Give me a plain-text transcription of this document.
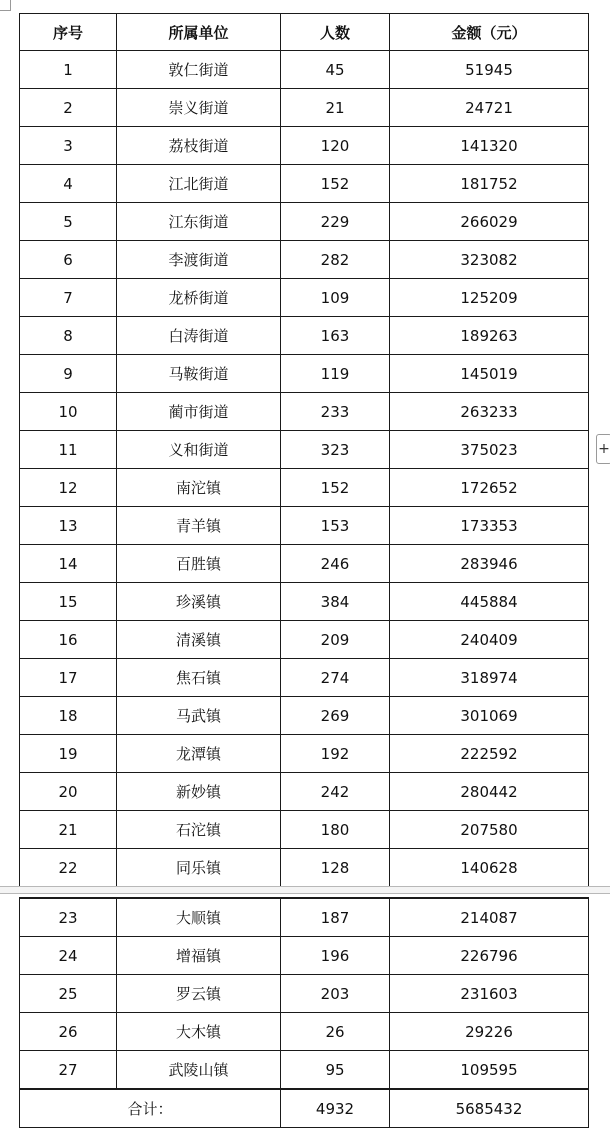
序号	所属单位	人数	金额（元）
1	敦仁街道	45	51945
2	崇义街道	21	24721
3	荔枝街道	120	141320
4	江北街道	152	181752
5	江东街道	229	266029
6	李渡街道	282	323082
7	龙桥街道	109	125209
8	白涛街道	163	189263
9	马鞍街道	119	145019
10	蔺市街道	233	263233
11	义和街道	323	375023
12	南沱镇	152	172652
13	青羊镇	153	173353
14	百胜镇	246	283946
15	珍溪镇	384	445884
16	清溪镇	209	240409
17	焦石镇	274	318974
18	马武镇	269	301069
19	龙潭镇	192	222592
20	新妙镇	242	280442
21	石沱镇	180	207580
22	同乐镇	128	140628
23	大顺镇	187	214087
24	增福镇	196	226796
25	罗云镇	203	231603
26	大木镇	26	29226
27	武陵山镇	95	109595
合计：		4932	5685432
+
